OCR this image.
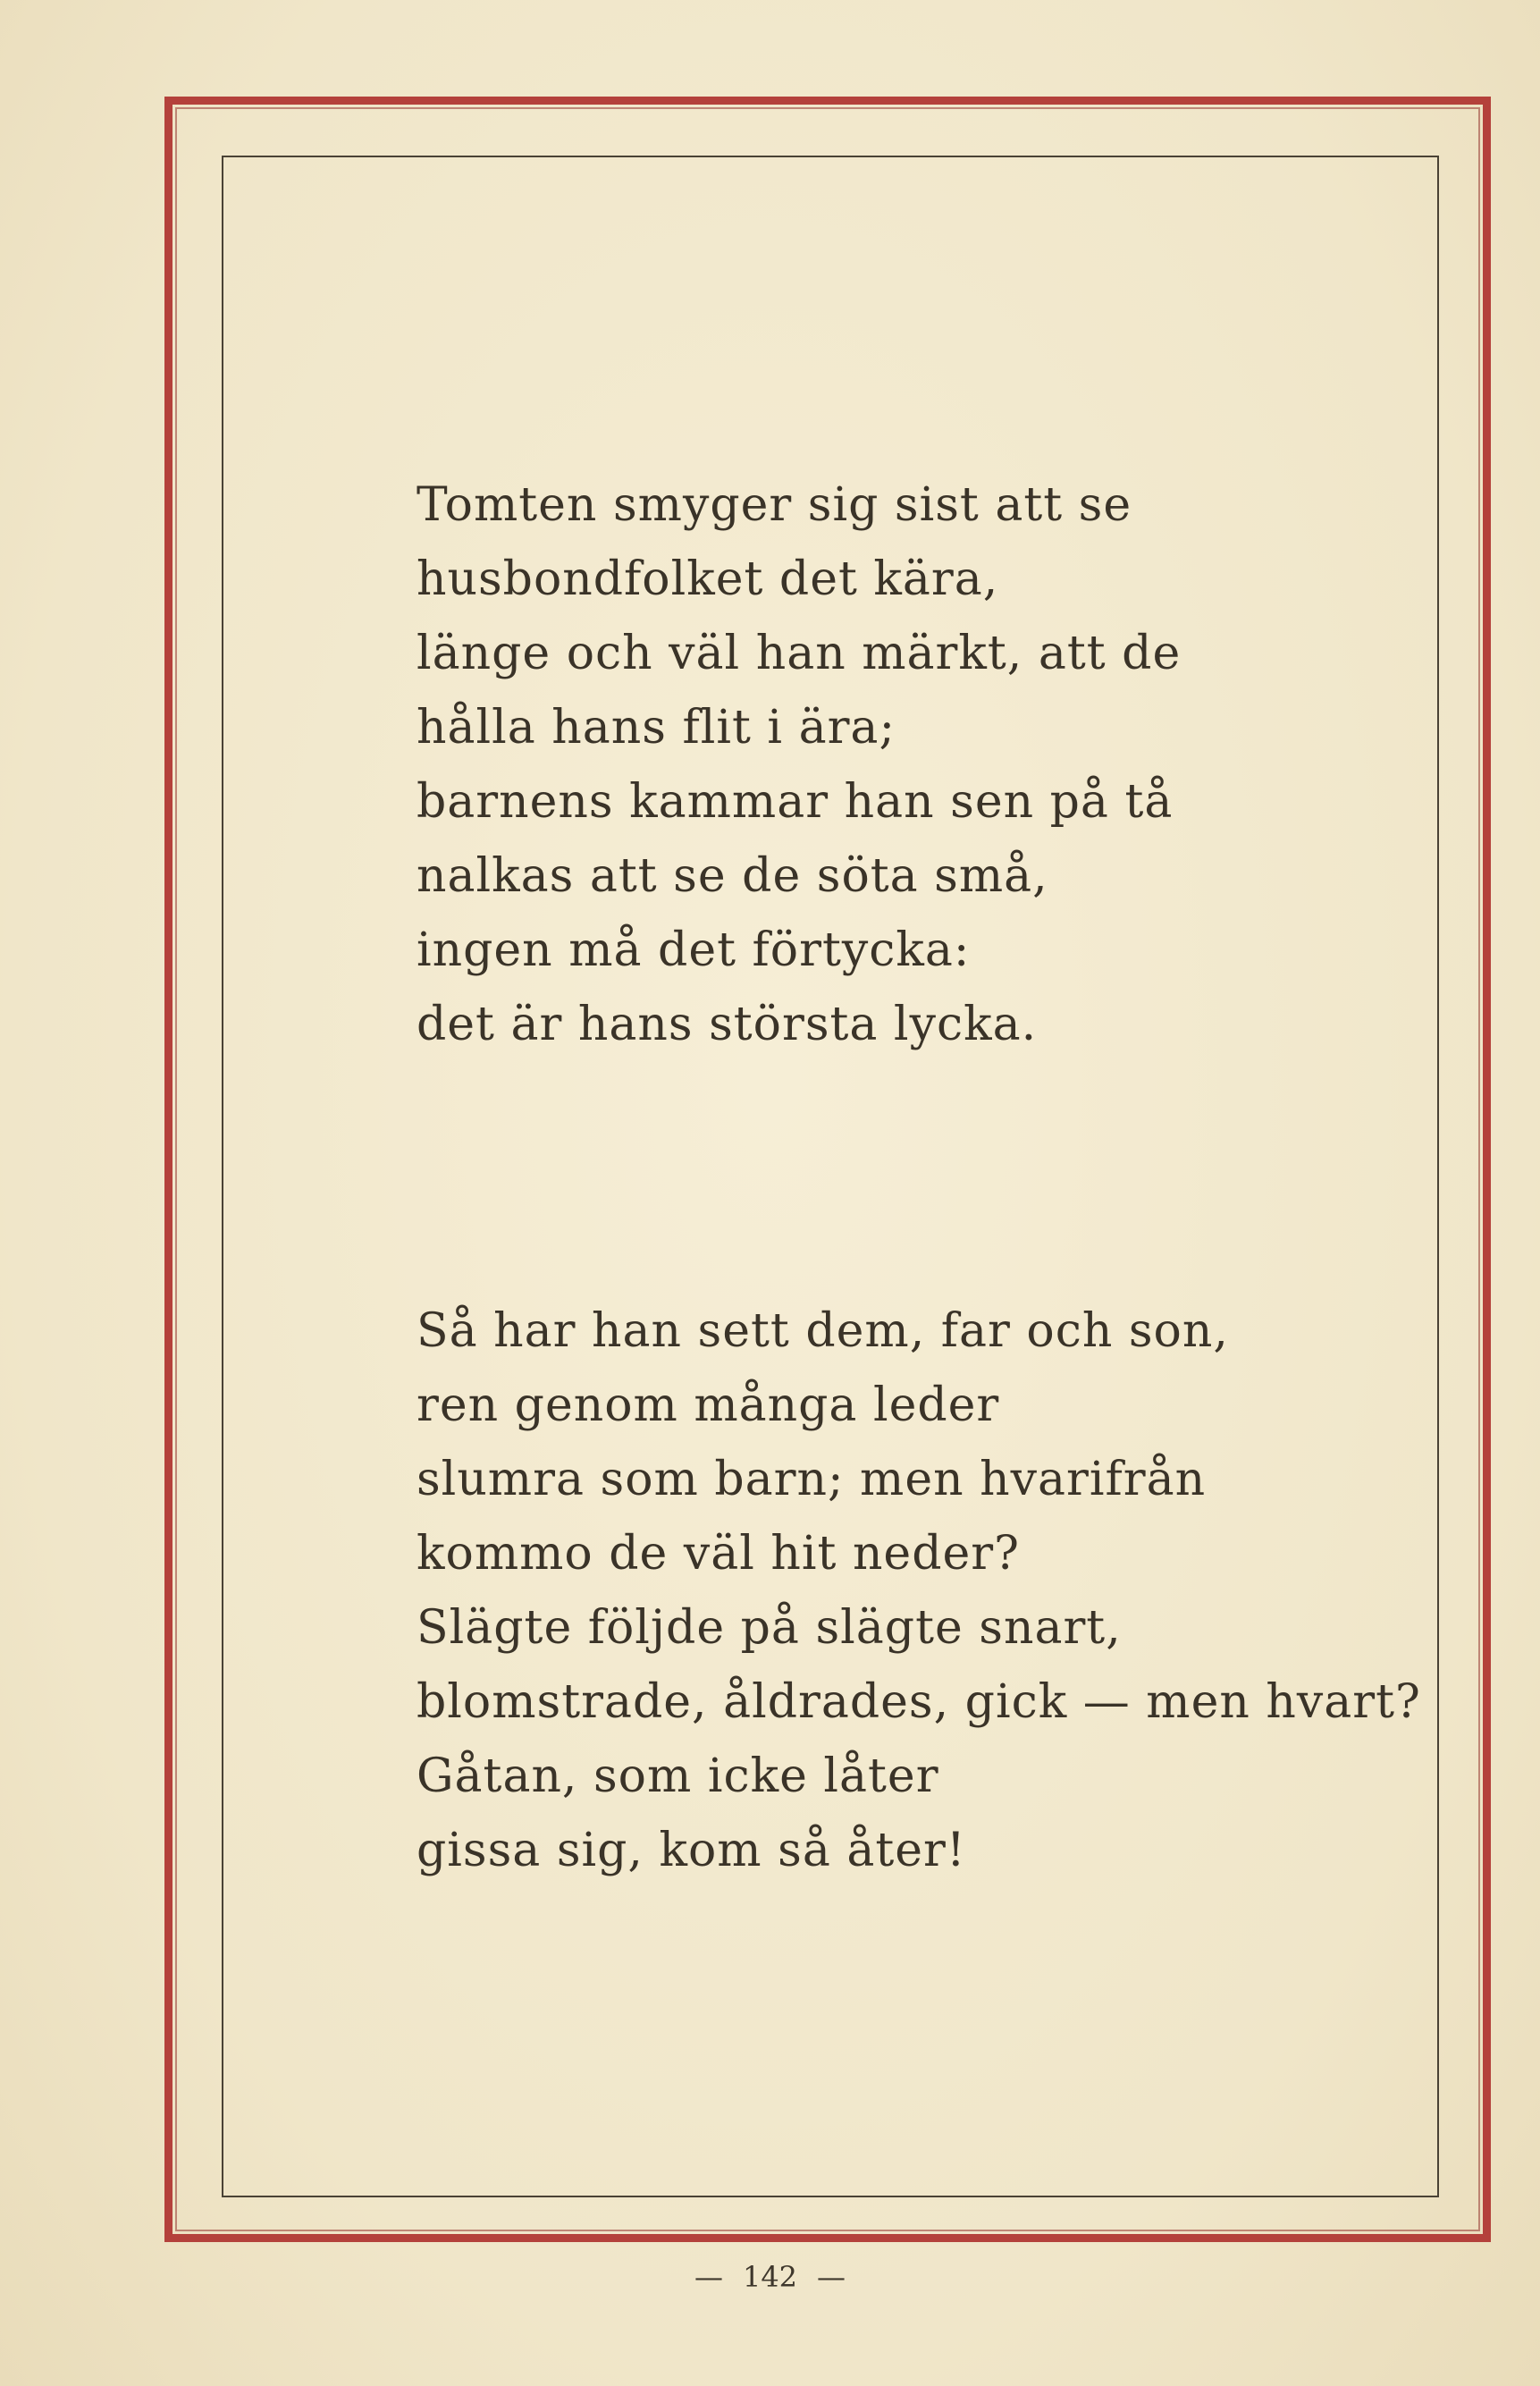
Tomten smyger sig sist att se
husbondfolket det kära,
länge och väl han märkt, att de
hålla hans flit i ära;
barnens kammar han sen på tå
nalkas att se de söta små,
ingen må det förtycka:
det är hans största lycka.
Så har han sett dem, far och son,
ren genom många leder
slumra som barn; men hvarifrån
kommo de väl hit neder?
Slägte följde på slägte snart,
blomstrade, åldrades, gick — men hvart?
Gåtan, som icke låter
gissa sig, kom så åter!
— 142 —
